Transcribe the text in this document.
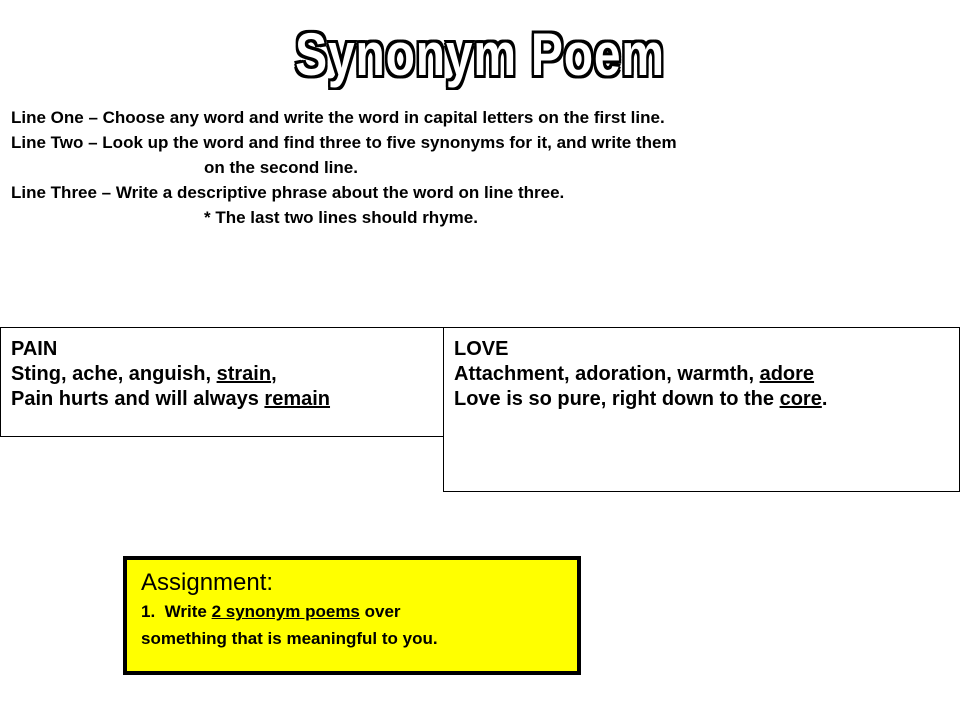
Synonym Poem
Line One – Choose any word and write the word in capital letters on the first line.
Line Two – Look up the word and find three to five synonyms for it, and write them
on the second line.
Line Three – Write a descriptive phrase about the word on line three.
* The last two lines should rhyme.
PAIN
Sting, ache, anguish, strain,
Pain hurts and will always remain
LOVE
Attachment, adoration, warmth, adore
Love is so pure, right down to the core.
Assignment:
1. Write 2 synonym poems over
something that is meaningful to you.
